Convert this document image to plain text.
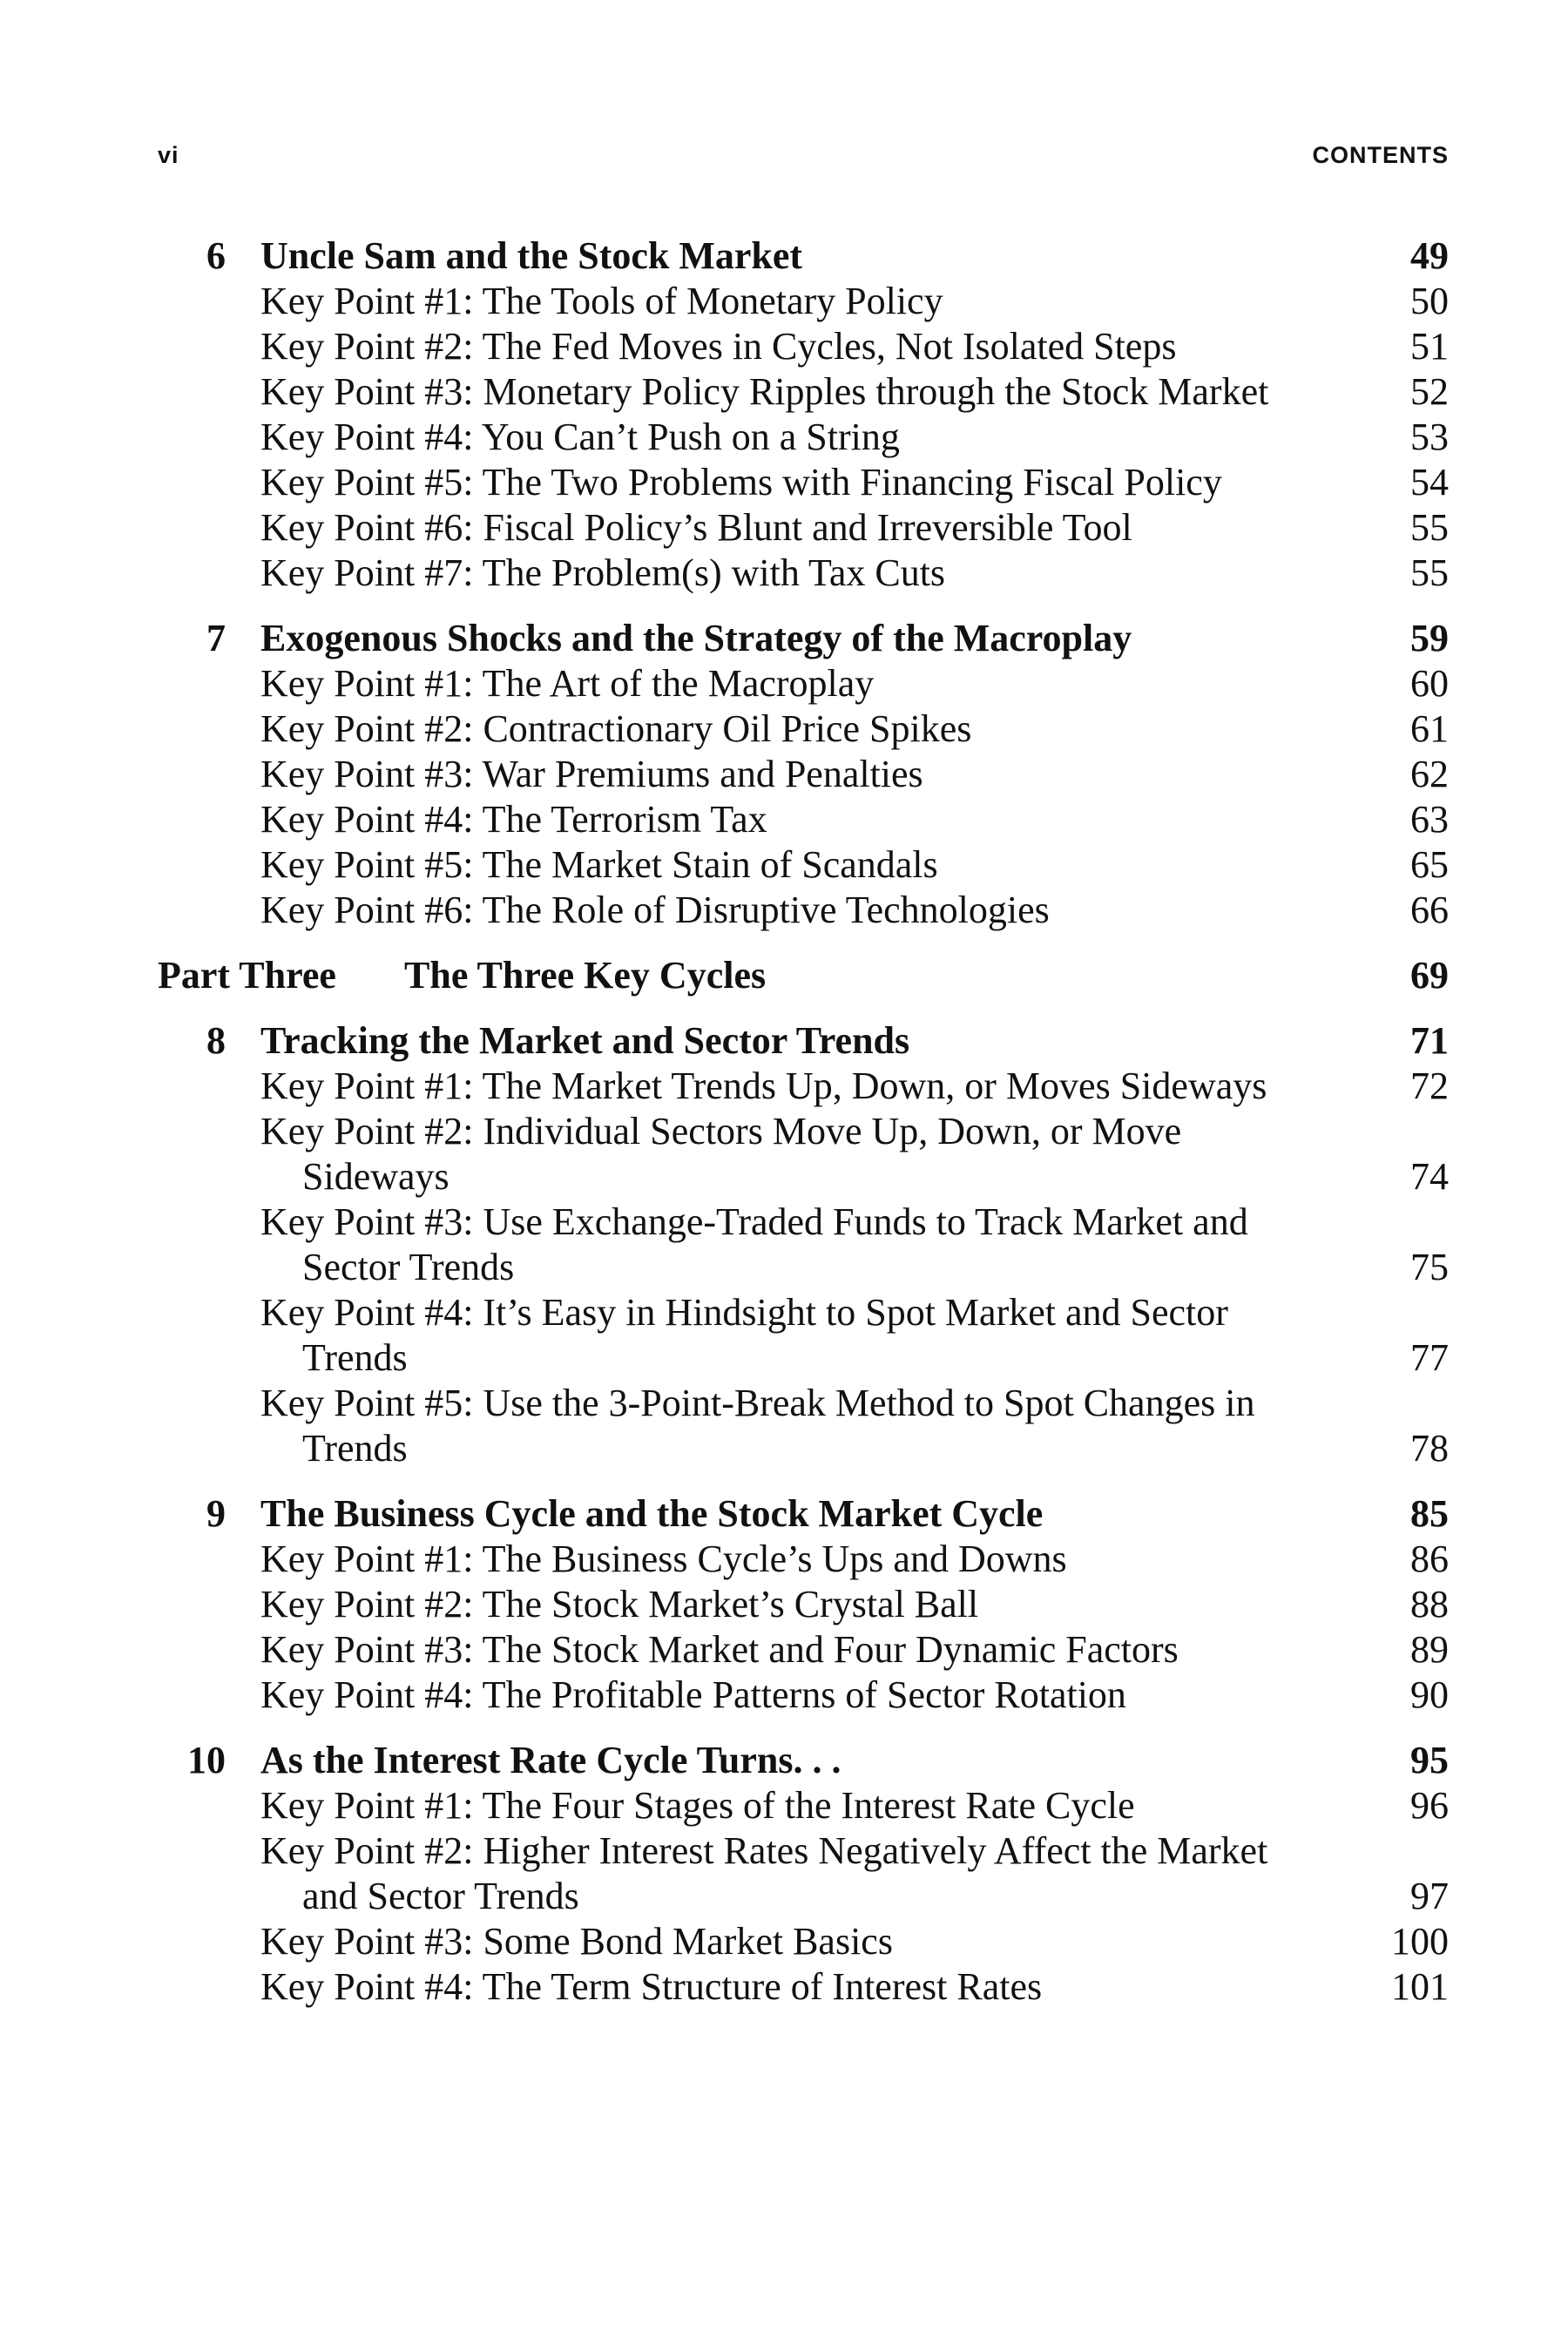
vi	CONTENTS
6 Uncle Sam and the Stock Market	49
Key Point #1: The Tools of Monetary Policy	50
Key Point #2: The Fed Moves in Cycles, Not Isolated Steps	51
Key Point #3: Monetary Policy Ripples through the Stock Market	52
Key Point #4: You Can’t Push on a String	53
Key Point #5: The Two Problems with Financing Fiscal Policy	54
Key Point #6: Fiscal Policy’s Blunt and Irreversible Tool	55
Key Point #7: The Problem(s) with Tax Cuts	55
7 Exogenous Shocks and the Strategy of the Macroplay	59
Key Point #1: The Art of the Macroplay	60
Key Point #2: Contractionary Oil Price Spikes	61
Key Point #3: War Premiums and Penalties	62
Key Point #4: The Terrorism Tax	63
Key Point #5: The Market Stain of Scandals	65
Key Point #6: The Role of Disruptive Technologies	66
Part Three The Three Key Cycles	69
8 Tracking the Market and Sector Trends	71
Key Point #1: The Market Trends Up, Down, or Moves Sideways	72
Key Point #2: Individual Sectors Move Up, Down, or Move Sideways	74
Key Point #3: Use Exchange-Traded Funds to Track Market and Sector Trends	75
Key Point #4: It’s Easy in Hindsight to Spot Market and Sector Trends	77
Key Point #5: Use the 3-Point-Break Method to Spot Changes in Trends	78
9 The Business Cycle and the Stock Market Cycle	85
Key Point #1: The Business Cycle’s Ups and Downs	86
Key Point #2: The Stock Market’s Crystal Ball	88
Key Point #3: The Stock Market and Four Dynamic Factors	89
Key Point #4: The Profitable Patterns of Sector Rotation	90
10 As the Interest Rate Cycle Turns. . .	95
Key Point #1: The Four Stages of the Interest Rate Cycle	96
Key Point #2: Higher Interest Rates Negatively Affect the Market and Sector Trends	97
Key Point #3: Some Bond Market Basics	100
Key Point #4: The Term Structure of Interest Rates	101
